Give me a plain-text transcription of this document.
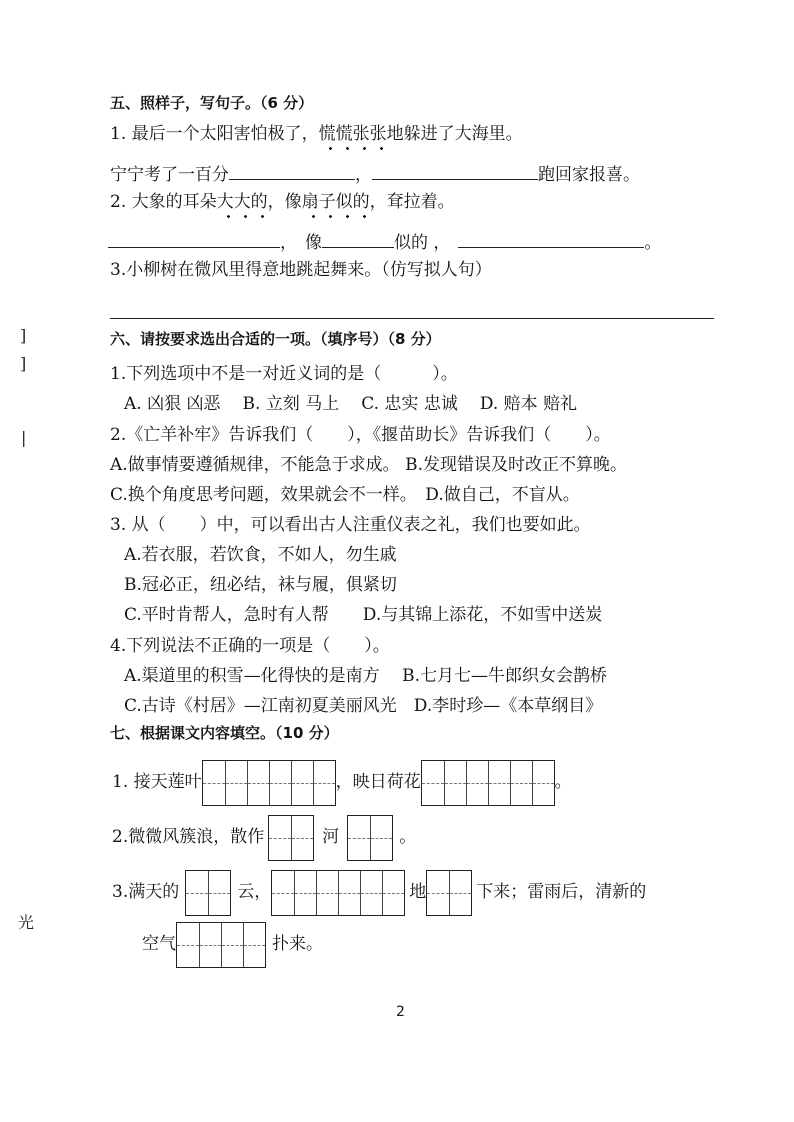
五、照样子，写句子。（6 分）
1. 最后一个太阳害怕极了，慌慌张张地躲进了大海里。
宁宁考了一百分	，	跑回家报喜。
2. 大象的耳朵大大的，像扇子似的，耷拉着。
， 像	似的 ，	。
3.小柳树在微风里得意地跳起舞来。（仿写拟人句）
六、请按要求选出合适的一项。（填序号）（8 分）
1.下列选项中不是一对近义词的是（　　　）。
A. 凶狠 凶恶 B. 立刻 马上 C. 忠实 忠诚 D. 赔本 赔礼
2.《亡羊补牢》告诉我们（　　），《揠苗助长》告诉我们（　　）。
A.做事情要遵循规律，不能急于求成。 B.发现错误及时改正不算晚。
C.换个角度思考问题，效果就会不一样。　D.做自己，不盲从。
3. 从（　　）中，可以看出古人注重仪表之礼，我们也要如此。
A.若衣服，若饮食，不如人，勿生戚
B.冠必正，纽必结，袜与履，俱紧切
C.平时肯帮人，急时有人帮　　D.与其锦上添花，不如雪中送炭
4.下列说法不正确的一项是（　　）。
A.渠道里的积雪—化得快的是南方　 B.七月七—牛郎织女会鹊桥
C.古诗《村居》—江南初夏美丽风光　D.李时珍—《本草纲目》
七、根据课文内容填空。（10 分）
1. 接天莲叶	，映日荷花	。
2.微微风簇浪，散作	河	。
3.满天的	云，	地	下来；雷雨后，清新的
空气	扑来。
]
]
|
光
2
